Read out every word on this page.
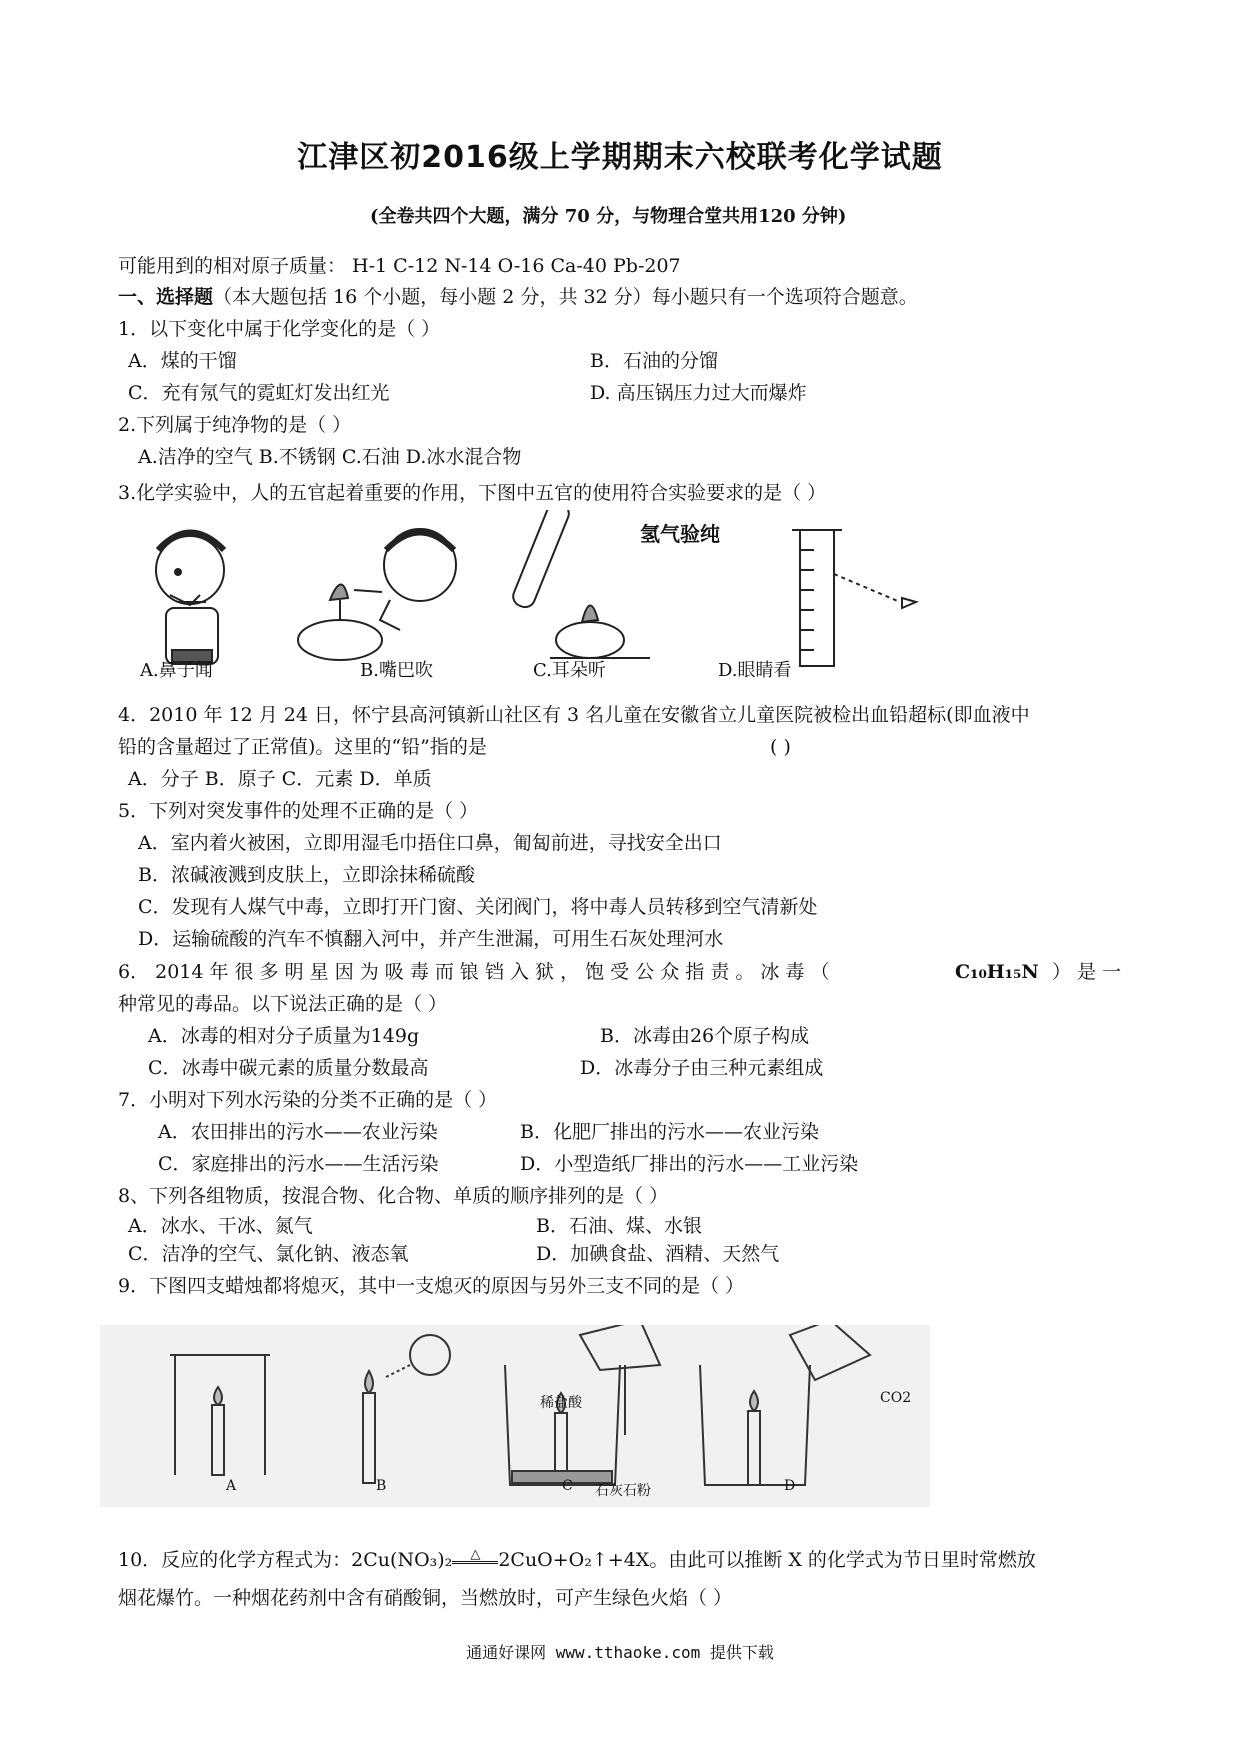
江津区初2016级上学期期末六校联考化学试题
(全卷共四个大题，满分 70 分，与物理合堂共用120 分钟)
可能用到的相对原子质量： H-1 C-12 N-14 O-16 Ca-40 Pb-207
一、选择题（本大题包括 16 个小题，每小题 2 分，共 32 分）每小题只有一个选项符合题意。
1．以下变化中属于化学变化的是（ ）
A．煤的干馏	B．石油的分馏
C．充有氖气的霓虹灯发出红光	D. 高压锅压力过大而爆炸
2.下列属于纯净物的是（ ）
A.洁净的空气 B.不锈钢 C.石油 D.冰水混合物
3.化学实验中，人的五官起着重要的作用，下图中五官的使用符合实验要求的是（ ）
氢气验纯
A.鼻子闻	B.嘴巴吹	C.耳朵听	D.眼睛看
4．2010 年 12 月 24 日，怀宁县高河镇新山社区有 3 名儿童在安徽省立儿童医院被检出血铅超标(即血液中
铅的含量超过了正常值)。这里的“铅”指的是	( )
A．分子 B．原子 C．元素 D．单质
5．下列对突发事件的处理不正确的是（ ）
A．室内着火被困，立即用湿毛巾捂住口鼻，匍匐前进，寻找安全出口
B．浓碱液溅到皮肤上，立即涂抹稀硫酸
C．发现有人煤气中毒，立即打开门窗、关闭阀门，将中毒人员转移到空气清新处
D．运输硫酸的汽车不慎翻入河中，并产生泄漏，可用生石灰处理河水
6． 2014 年 很 多 明 星 因 为 吸 毒 而 锒 铛 入 狱 ， 饱 受 公 众 指 责 。 冰 毒 （	C₁₀H₁₅N ） 是 一
种常见的毒品。以下说法正确的是（ ）
A．冰毒的相对分子质量为149g	B．冰毒由26个原子构成
C．冰毒中碳元素的质量分数最高	D．冰毒分子由三种元素组成
7．小明对下列水污染的分类不正确的是（ ）
A．农田排出的污水——农业污染	B．化肥厂排出的污水——农业污染
C．家庭排出的污水——生活污染	D．小型造纸厂排出的污水——工业污染
8、下列各组物质，按混合物、化合物、单质的顺序排列的是（ ）
A．冰水、干冰、氮气	B．石油、煤、水银
C．洁净的空气、氯化钠、液态氧	D．加碘食盐、酒精、天然气
9．下图四支蜡烛都将熄灭，其中一支熄灭的原因与另外三支不同的是（ ）
稀盐酸
石灰石粉
CO2
A	B	C	D
10．反应的化学方程式为：2Cu(NO₃)₂ △ 2CuO+O₂↑+4X。由此可以推断 X 的化学式为节日里时常燃放
烟花爆竹。一种烟花药剂中含有硝酸铜，当燃放时，可产生绿色火焰（ ）
通通好课网 www.tthaoke.com 提供下载
